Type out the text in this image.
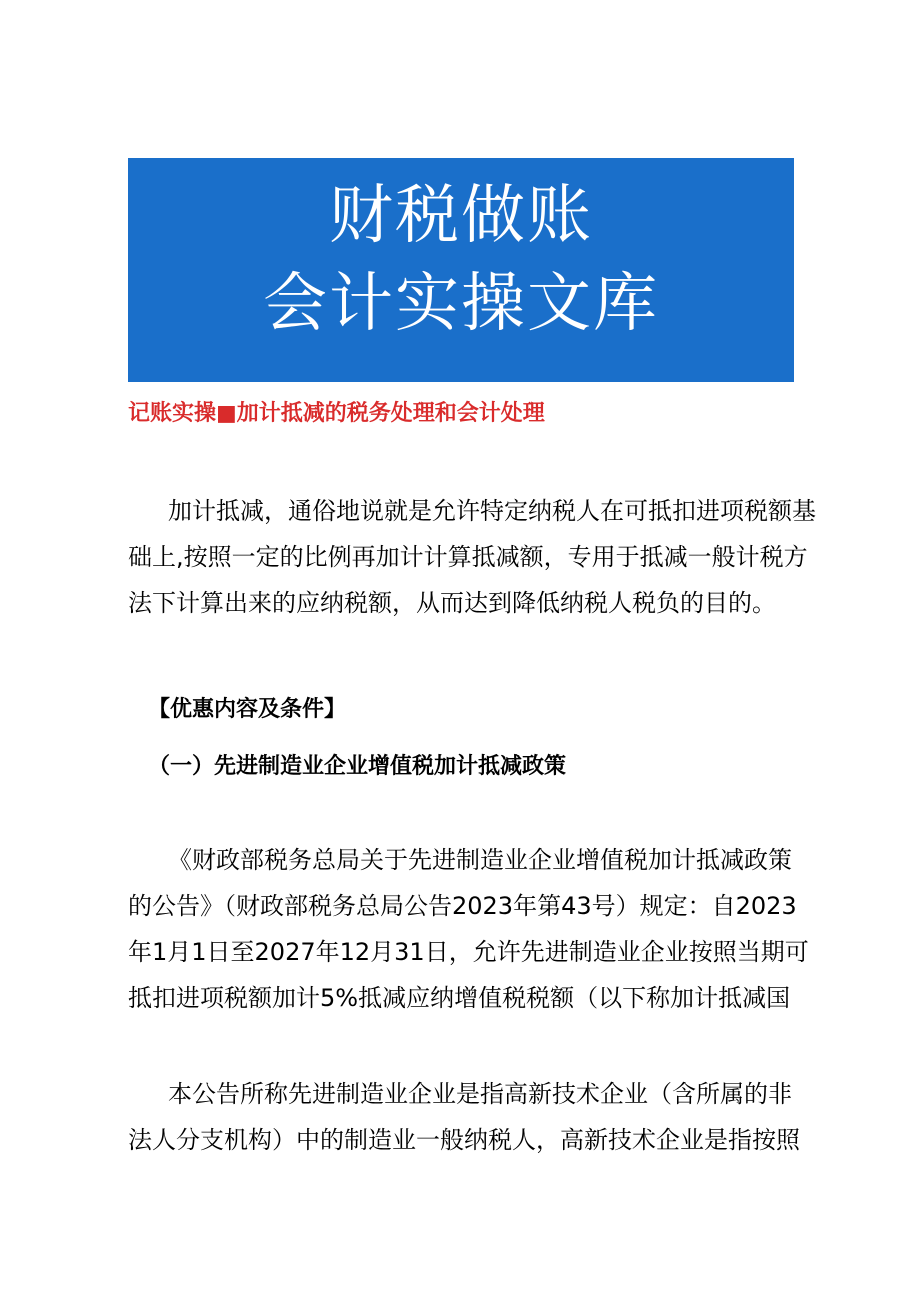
财税做账
会计实操文库
记账实操■加计抵减的税务处理和会计处理
加计抵减，通俗地说就是允许特定纳税人在可抵扣进项税额基
础上,按照一定的比例再加计计算抵减额，专用于抵减一般计税方
法下计算出来的应纳税额，从而达到降低纳税人税负的目的。
【优惠内容及条件】
（一）先进制造业企业增值税加计抵减政策
《财政部税务总局关于先进制造业企业增值税加计抵减政策
的公告》（财政部税务总局公告2023年第43号）规定：自2023
年1月1日至2027年12月31日，允许先进制造业企业按照当期可
抵扣进项税额加计5%抵减应纳增值税税额（以下称加计抵减国
本公告所称先进制造业企业是指高新技术企业（含所属的非
法人分支机构）中的制造业一般纳税人，高新技术企业是指按照
